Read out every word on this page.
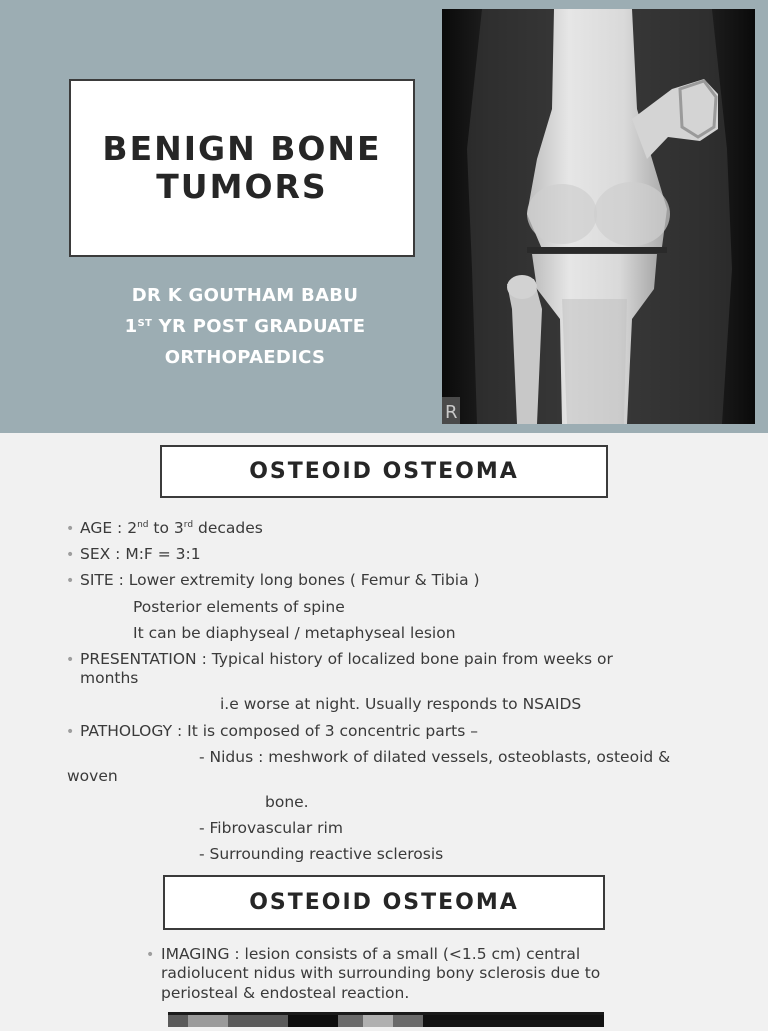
BENIGN BONE
TUMORS
DR K GOUTHAM BABU
1ST YR POST GRADUATE
ORTHOPAEDICS
R
OSTEOID OSTEOMA
• AGE : 2nd to 3rd decades
• SEX : M:F = 3:1
• SITE : Lower extremity long bones ( Femur & Tibia )
Posterior elements of spine
It can be diaphyseal / metaphyseal lesion
• PRESENTATION : Typical history of localized bone pain from weeks or
months
i.e worse at night. Usually responds to NSAIDS
• PATHOLOGY : It is composed of 3 concentric parts –
- Nidus : meshwork of dilated vessels, osteoblasts, osteoid &
woven
bone.
- Fibrovascular rim
- Surrounding reactive sclerosis
OSTEOID OSTEOMA
• IMAGING : lesion consists of a small (<1.5 cm) central
radiolucent nidus with surrounding bony sclerosis due to
periosteal & endosteal reaction.
